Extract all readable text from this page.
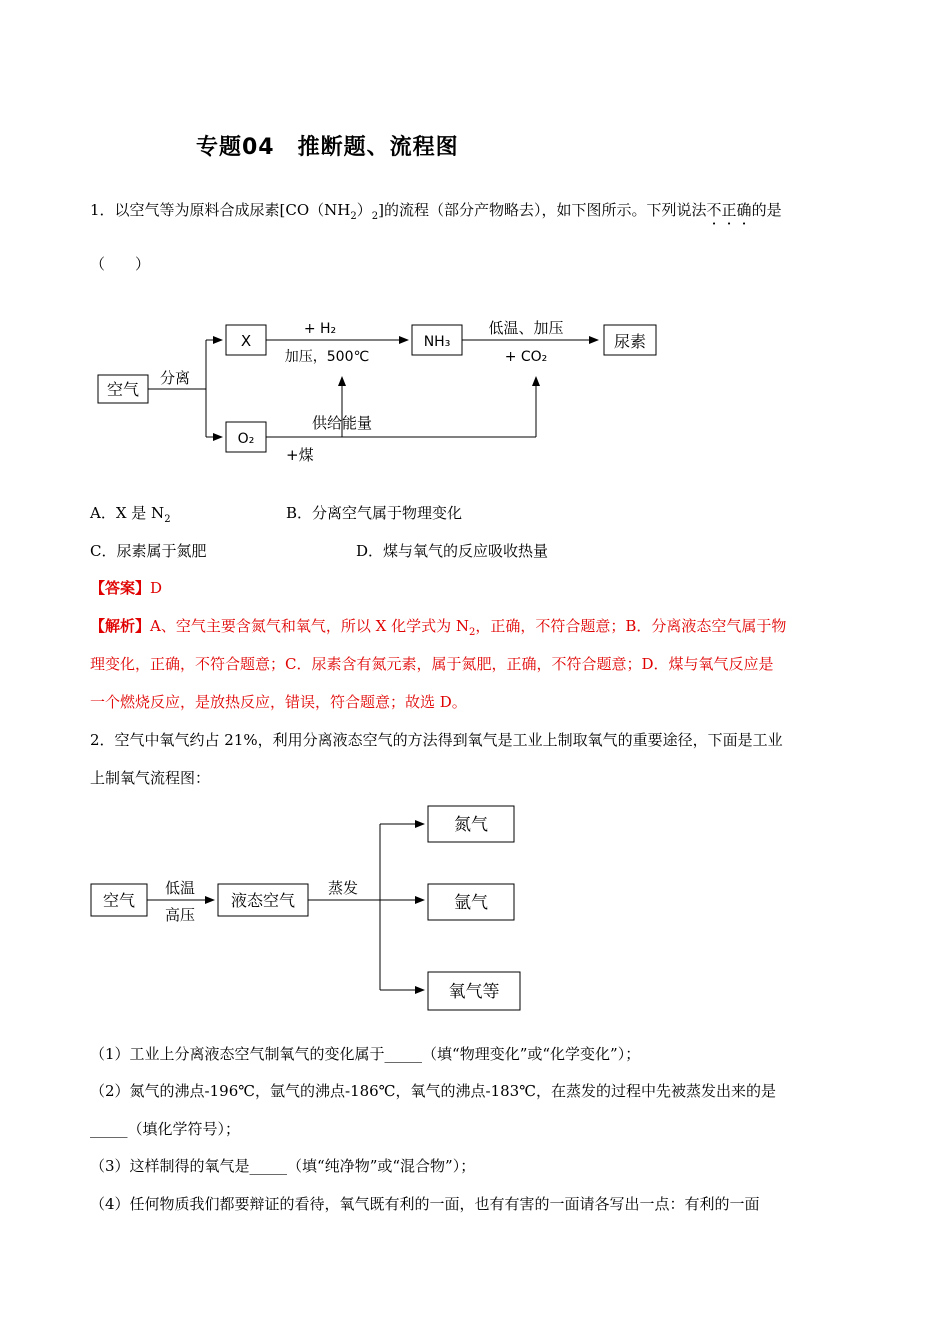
专题04　推断题、流程图
1．以空气等为原料合成尿素$[CO(NH_2)_2]$的流程（部分产物略去），如下图所示。下列说法不正确的是
（　　）
空气
分离
X
O₂
+ H₂
加压，500℃
NH₃
低温、加压
+ CO₂
尿素
供给能量
+煤
A．X 是 $N_2$	B．分离空气属于物理变化
C．尿素属于氮肥	D．煤与氧气的反应吸收热量
【答案】D
【解析】A、空气主要含氮气和氧气，所以 X 化学式为 $N_2$，正确，不符合题意；B．分离液态空气属于物
理变化，正确，不符合题意；C．尿素含有氮元素，属于氮肥，正确，不符合题意；D．煤与氧气反应是
一个燃烧反应，是放热反应，错误，符合题意；故选 D。
2．空气中氧气约占 21%，利用分离液态空气的方法得到氧气是工业上制取氧气的重要途径，下面是工业
上制氧气流程图：
空气
低温
高压
液态空气
蒸发
氮气
氩气
氧气等
（1）工业上分离液态空气制氧气的变化属于_____（填“物理变化”或“化学变化”）；
（2）氮气的沸点-196℃，氩气的沸点-186℃，氧气的沸点-183℃，在蒸发的过程中先被蒸发出来的是
_____（填化学符号）；
（3）这样制得的氧气是_____（填“纯净物”或“混合物”）；
（4）任何物质我们都要辩证的看待，氧气既有利的一面，也有有害的一面请各写出一点：有利的一面
